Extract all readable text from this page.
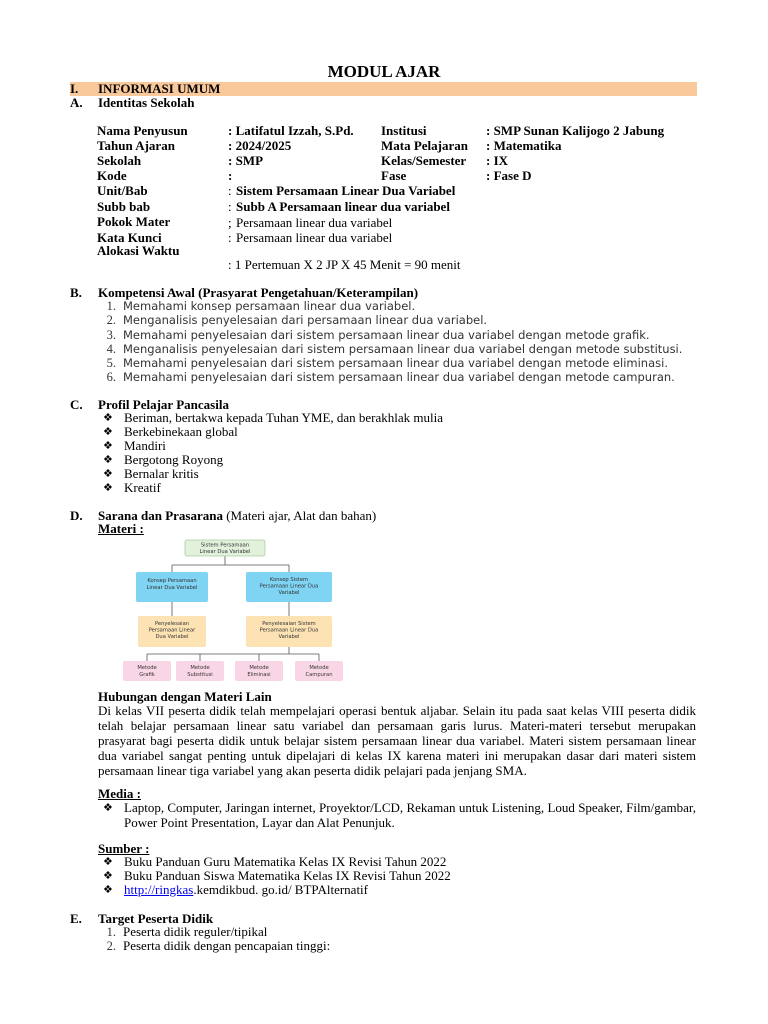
MODUL AJAR
I. INFORMASI UMUM
A. Identitas Sekolah
Nama Penyusun	: Latifatul Izzah, S.Pd. Institusi	: SMP Sunan Kalijogo 2 Jabung
Tahun Ajaran	: 2024/2025	Mata Pelajaran : Matematika
Sekolah	: SMP	Kelas/Semester : IX
Kode	:	Fase	: Fase D
Unit/Bab	: Sistem Persamaan Linear Dua Variabel
Subb bab	: Subb A Persamaan linear dua variabel
Pokok Mater	; Persamaan linear dua variabel
Kata Kunci	: Persamaan linear dua variabel
Alokasi Waktu
: 1 Pertemuan X 2 JP X 45 Menit = 90 menit
B. Kompetensi Awal (Prasyarat Pengetahuan/Keterampilan)
1. Memahami konsep persamaan linear dua variabel.
2. Menganalisis penyelesaian dari persamaan linear dua variabel.
3. Memahami penyelesaian dari sistem persamaan linear dua variabel dengan metode grafik.
4. Menganalisis penyelesaian dari sistem persamaan linear dua variabel dengan metode substitusi.
5. Memahami penyelesaian dari sistem persamaan linear dua variabel dengan metode eliminasi.
6. Memahami penyelesaian dari sistem persamaan linear dua variabel dengan metode campuran.
C. Profil Pelajar Pancasila
❖ Beriman, bertakwa kepada Tuhan YME, dan berakhlak mulia
❖ Berkebinekaan global
❖ Mandiri
❖ Bergotong Royong
❖ Bernalar kritis
❖ Kreatif
D. Sarana dan Prasarana (Materi ajar, Alat dan bahan)
Materi :
Sistem Persamaan
Linear Dua Variabel
Konsep Persamaan
Linear Dua Variabel
Konsep Sistem
Persamaan Linear Dua
Variabel
Penyelesaian
Persamaan Linear
Dua Variabel
Penyelesaian Sistem
Persamaan Linear Dua
Variabel
Metode
Grafik
Metode
Substitusi
Metode
Eliminasi
Metode
Campuran
Hubungan dengan Materi Lain
Di kelas VII peserta didik telah mempelajari operasi bentuk aljabar. Selain itu pada saat kelas VIII peserta didik telah belajar persamaan linear satu variabel dan persamaan garis lurus. Materi-materi tersebut merupakan prasyarat bagi peserta didik untuk belajar sistem persamaan linear dua variabel. Materi sistem persamaan linear dua variabel sangat penting untuk dipelajari di kelas IX karena materi ini merupakan dasar dari materi sistem persamaan linear tiga variabel yang akan peserta didik pelajari pada jenjang SMA.
Media :
❖ Laptop, Computer, Jaringan internet, Proyektor/LCD, Rekaman untuk Listening, Loud Speaker, Film/gambar, Power Point Presentation, Layar dan Alat Penunjuk.
Sumber :
❖ Buku Panduan Guru Matematika Kelas IX Revisi Tahun 2022
❖ Buku Panduan Siswa Matematika Kelas IX Revisi Tahun 2022
❖ http://ringkas.kemdikbud. go.id/ BTPAlternatif
E. Target Peserta Didik
1. Peserta didik reguler/tipikal
2. Peserta didik dengan pencapaian tinggi:
